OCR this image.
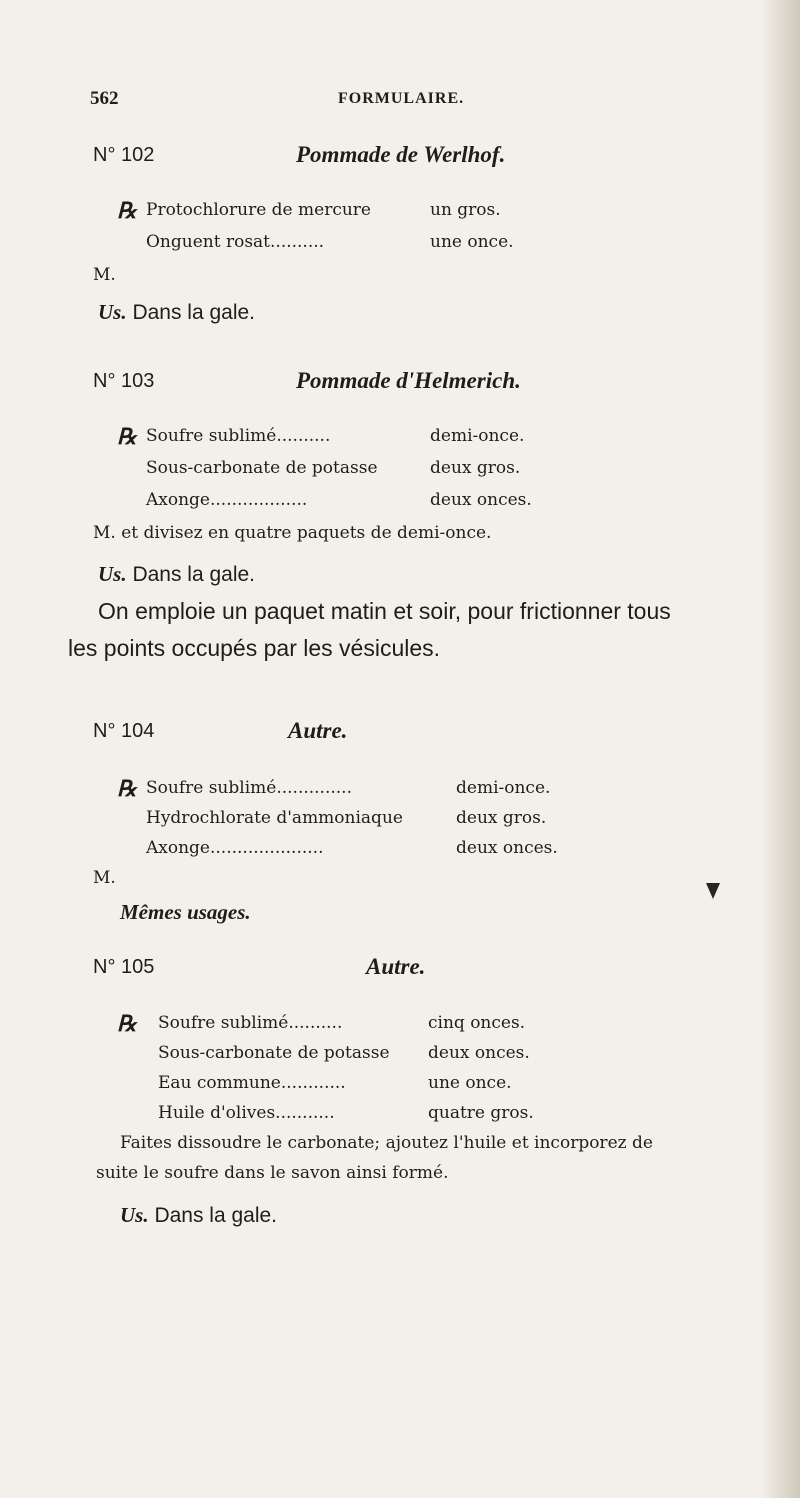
562	FORMULAIRE.
N° 102	Pommade de Werlhof.
℞ Protochlorure de mercure	un gros.
Onguent rosat..........	une once.
M.
Us. Dans la gale.
N° 103	Pommade d'Helmerich.
℞ Soufre sublimé..........	demi-once.
Sous-carbonate de potasse	deux gros.
Axonge..................	deux onces.
M. et divisez en quatre paquets de demi-once.
Us. Dans la gale.
On emploie un paquet matin et soir, pour frictionner tous
les points occupés par les vésicules.
N° 104	Autre.
℞ Soufre sublimé..............	demi-once.
Hydrochlorate d'ammoniaque	deux gros.
Axonge.....................	deux onces.
M.
Mêmes usages.
N° 105	Autre.
℞ Soufre sublimé..........	cinq onces.
Sous-carbonate de potasse deux onces.
Eau commune............	une once.
Huile d'olives...........	quatre gros.
Faites dissoudre le carbonate; ajoutez l'huile et incorporez de
suite le soufre dans le savon ainsi formé.
Us. Dans la gale.
